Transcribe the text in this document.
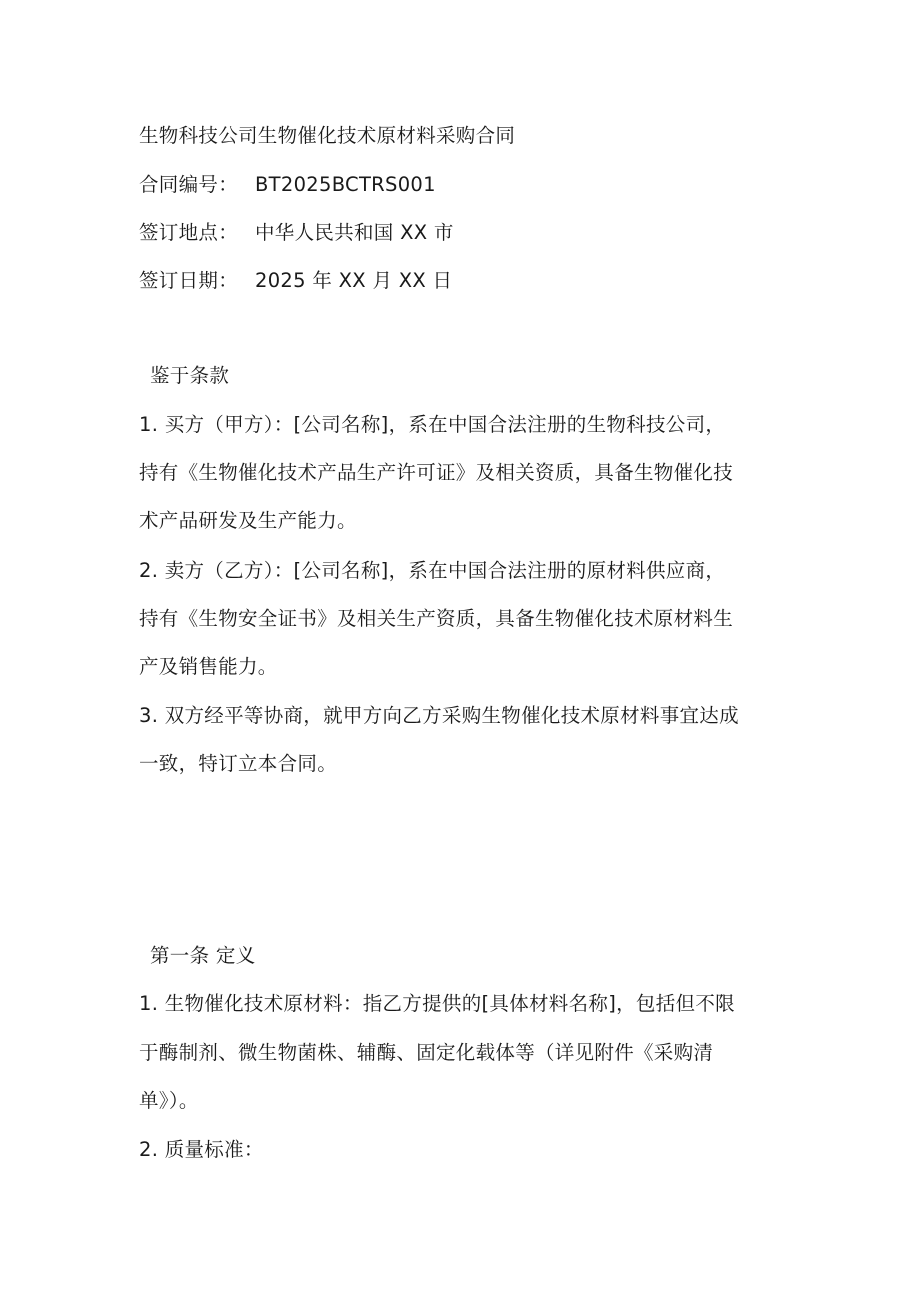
生物科技公司生物催化技术原材料采购合同
合同编号： BT2025BCTRS001
签订地点： 中华人民共和国 XX 市
签订日期： 2025 年 XX 月 XX 日
鉴于条款
1. 买方（甲方）：[公司名称]，系在中国合法注册的生物科技公司，
持有《生物催化技术产品生产许可证》及相关资质，具备生物催化技
术产品研发及生产能力。
2. 卖方（乙方）：[公司名称]，系在中国合法注册的原材料供应商，
持有《生物安全证书》及相关生产资质，具备生物催化技术原材料生
产及销售能力。
3. 双方经平等协商，就甲方向乙方采购生物催化技术原材料事宜达成
一致，特订立本合同。
第一条 定义
1. 生物催化技术原材料：指乙方提供的[具体材料名称]，包括但不限
于酶制剂、微生物菌株、辅酶、固定化载体等（详见附件《采购清
单》）。
2. 质量标准：
